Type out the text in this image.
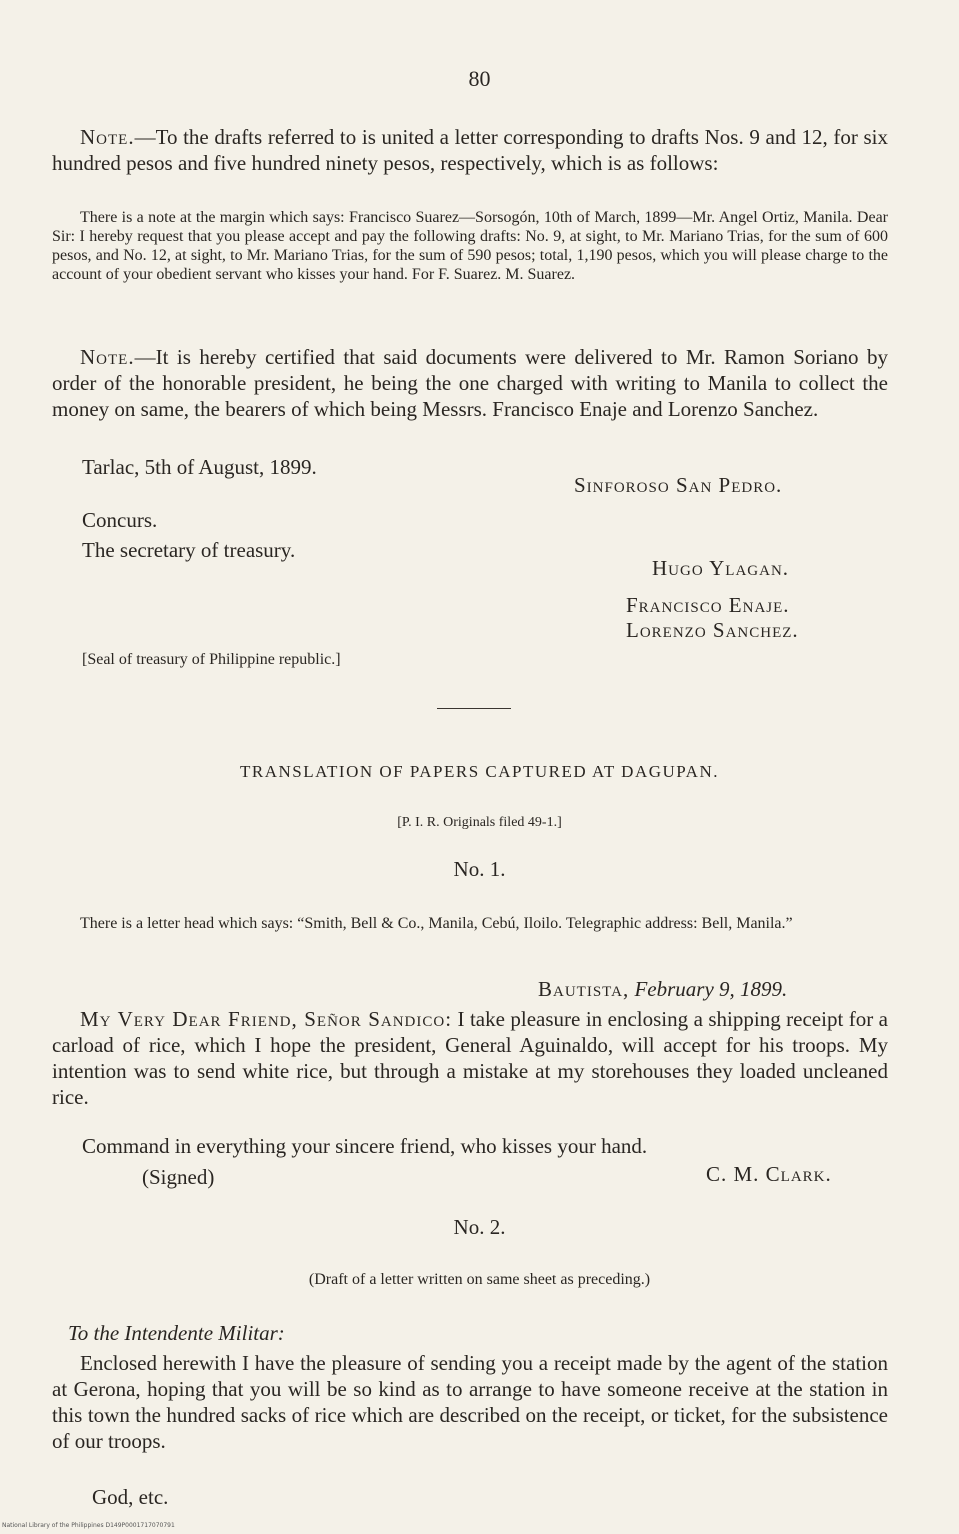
80

Note.—To the drafts referred to is united a letter corresponding to drafts Nos. 9 and 12, for six hundred pesos and five hundred ninety pesos, respectively, which is as follows:

There is a note at the margin which says: Francisco Suarez—Sorsogón, 10th of March, 1899—Mr. Angel Ortiz, Manila. Dear Sir: I hereby request that you please accept and pay the following drafts: No. 9, at sight, to Mr. Mariano Trias, for the sum of 600 pesos, and No. 12, at sight, to Mr. Mariano Trias, for the sum of 590 pesos; total, 1,190 pesos, which you will please charge to the account of your obedient servant who kisses your hand. For F. Suarez. M. Suarez.

Note.—It is hereby certified that said documents were delivered to Mr. Ramon Soriano by order of the honorable president, he being the one charged with writing to Manila to collect the money on same, the bearers of which being Messrs. Francisco Enaje and Lorenzo Sanchez.

Tarlac, 5th of August, 1899.
Sinforoso San Pedro.
Concurs.
The secretary of treasury.
Hugo Ylagan.
Francisco Enaje.
Lorenzo Sanchez.
[Seal of treasury of Philippine republic.]
TRANSLATION OF PAPERS CAPTURED AT DAGUPAN.
[P. I. R. Originals filed 49-1.]
No. 1.

There is a letter head which says: “Smith, Bell & Co., Manila, Cebú, Iloilo. Telegraphic address: Bell, Manila.”

Bautista, February 9, 1899.

My Very Dear Friend, Señor Sandico: I take pleasure in enclosing a shipping receipt for a carload of rice, which I hope the president, General Aguinaldo, will accept for his troops. My intention was to send white rice, but through a mistake at my storehouses they loaded uncleaned rice.

Command in everything your sincere friend, who kisses your hand.
(Signed)	C. M. Clark.
No. 2.
(Draft of a letter written on same sheet as preceding.)
To the Intendente Militar:

Enclosed herewith I have the pleasure of sending you a receipt made by the agent of the station at Gerona, hoping that you will be so kind as to arrange to have someone receive at the station in this town the hundred sacks of rice which are described on the receipt, or ticket, for the subsistence of our troops.

God, etc.
National Library of the Philippines D149P0001717070791
